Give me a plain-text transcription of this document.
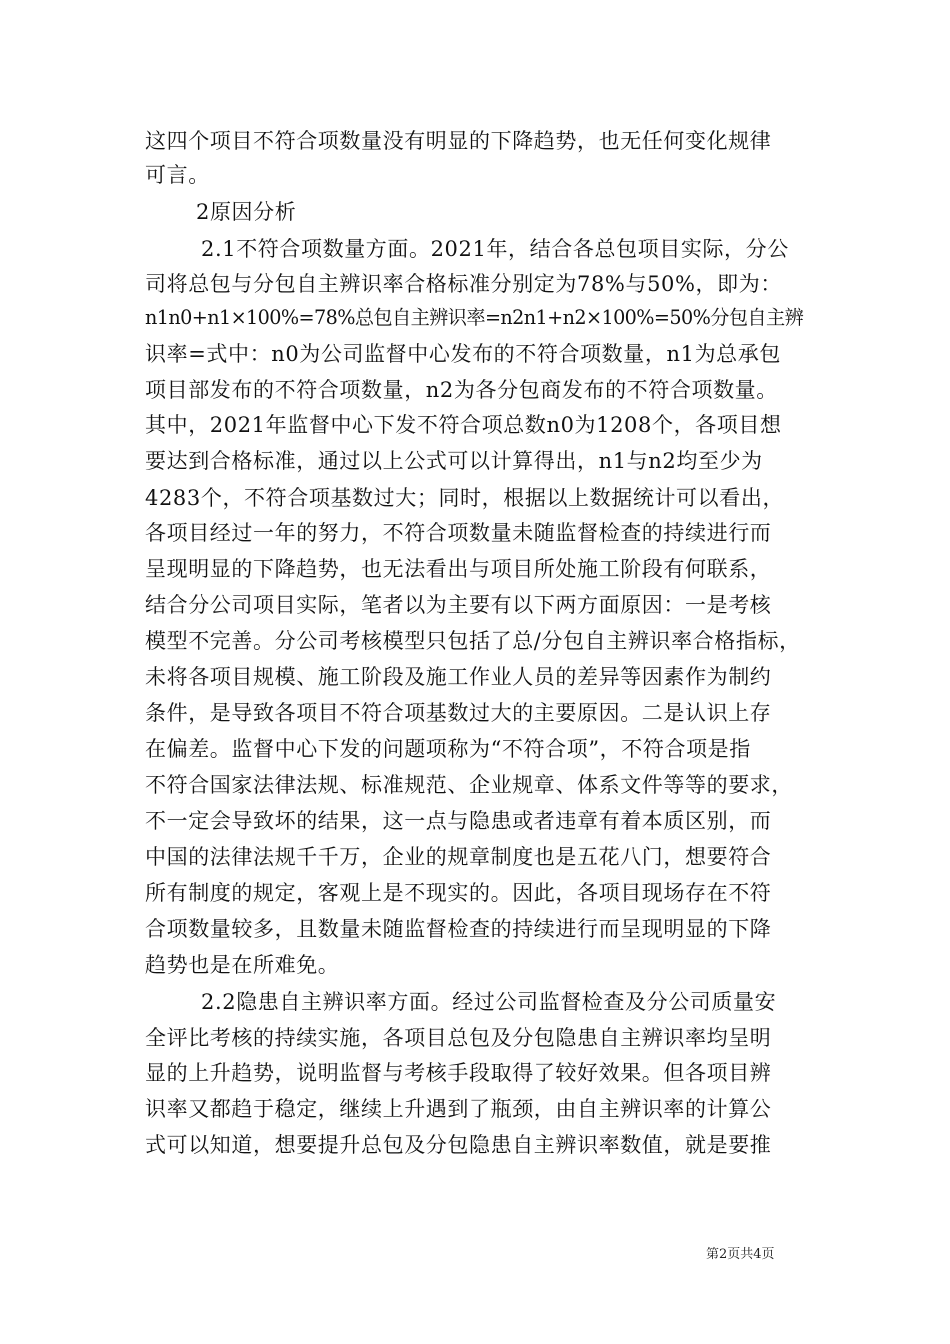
这四个项目不符合项数量没有明显的下降趋势，也无任何变化规律
可言。
2原因分析
2.1不符合项数量方面。2021年，结合各总包项目实际，分公
司将总包与分包自主辨识率合格标准分别定为78%与50%，即为：
n1n0+n1×100%=78%总包自主辨识率=n2n1+n2×100%=50%分包自主辨
识率=式中：n0为公司监督中心发布的不符合项数量，n1为总承包
项目部发布的不符合项数量，n2为各分包商发布的不符合项数量。
其中，2021年监督中心下发不符合项总数n0为1208个，各项目想
要达到合格标准，通过以上公式可以计算得出，n1与n2均至少为
4283个，不符合项基数过大；同时，根据以上数据统计可以看出，
各项目经过一年的努力，不符合项数量未随监督检查的持续进行而
呈现明显的下降趋势，也无法看出与项目所处施工阶段有何联系，
结合分公司项目实际，笔者以为主要有以下两方面原因：一是考核
模型不完善。分公司考核模型只包括了总/分包自主辨识率合格指标，
未将各项目规模、施工阶段及施工作业人员的差异等因素作为制约
条件，是导致各项目不符合项基数过大的主要原因。二是认识上存
在偏差。监督中心下发的问题项称为“不符合项”，不符合项是指
不符合国家法律法规、标准规范、企业规章、体系文件等等的要求，
不一定会导致坏的结果，这一点与隐患或者违章有着本质区别，而
中国的法律法规千千万，企业的规章制度也是五花八门，想要符合
所有制度的规定，客观上是不现实的。因此，各项目现场存在不符
合项数量较多，且数量未随监督检查的持续进行而呈现明显的下降
趋势也是在所难免。
2.2隐患自主辨识率方面。经过公司监督检查及分公司质量安
全评比考核的持续实施，各项目总包及分包隐患自主辨识率均呈明
显的上升趋势，说明监督与考核手段取得了较好效果。但各项目辨
识率又都趋于稳定，继续上升遇到了瓶颈，由自主辨识率的计算公
式可以知道，想要提升总包及分包隐患自主辨识率数值，就是要推
第2页共4页
